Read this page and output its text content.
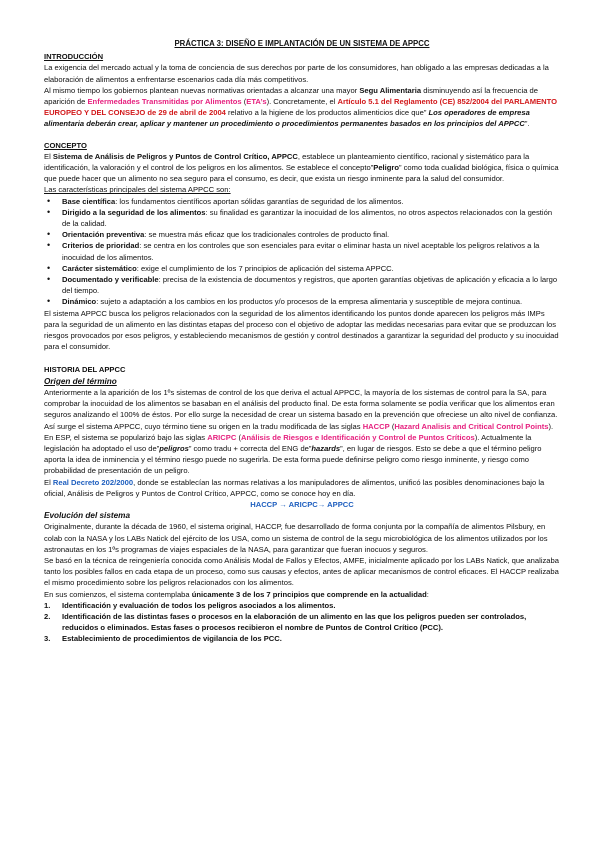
PRÁCTICA 3: DISEÑO E IMPLANTACIÓN DE UN SISTEMA DE APPCC
INTRODUCCIÓN

La exigencia del mercado actual y la toma de conciencia de sus derechos por parte de los consumidores, han obligado a las empresas dedicadas a la elaboración de alimentos a enfrentarse escenarios cada día más competitivos.

Al mismo tiempo los gobiernos plantean nuevas normativas orientadas a alcanzar una mayor Segu Alimentaria disminuyendo así la frecuencia de aparición de Enfermedades Transmitidas por Alimentos (ETA’s). Concretamente, el Artículo 5.1 del Reglamento (CE) 852/2004 del PARLAMENTO EUROPEO Y DEL CONSEJO de 29 de abril de 2004 relativo a la higiene de los productos alimenticios dice que” Los operadores de empresa alimentaria deberán crear, aplicar y mantener un procedimiento o procedimientos permanentes basados en los principios del APPCC”.

CONCEPTO

El Sistema de Análisis de Peligros y Puntos de Control Crítico, APPCC, establece un planteamiento científico, racional y sistemático para la identificación, la valoración y el control de los peligros en los alimentos. Se establece el concepto”Peligro” como toda cualidad biológica, física o química que puede hacer que un alimento no sea seguro para el consumo, es decir, que exista un riesgo inminente para la salud del consumidor.

Las características principales del sistema APPCC son:

• Base científica: los fundamentos científicos aportan sólidas garantías de seguridad de los alimentos.
• Dirigido a la seguridad de los alimentos: su finalidad es garantizar la inocuidad de los alimentos, no otros aspectos relacionados con la gestión de la calidad.
• Orientación preventiva: se muestra más eficaz que los tradicionales controles de producto final.
• Criterios de prioridad: se centra en los controles que son esenciales para evitar o eliminar hasta un nivel aceptable los peligros relativos a la inocuidad de los alimentos.
• Carácter sistemático: exige el cumplimiento de los 7 principios de aplicación del sistema APPCC.
• Documentado y verificable: precisa de la existencia de documentos y registros, que aporten garantías objetivas de aplicación y eficacia a lo largo del tiempo.
• Dinámico: sujeto a adaptación a los cambios en los productos y/o procesos de la empresa alimentaria y susceptible de mejora continua.

El sistema APPCC busca los peligros relacionados con la seguridad de los alimentos identificando los puntos donde aparecen los peligros más IMPs para la seguridad de un alimento en las distintas etapas del proceso con el objetivo de adoptar las medidas necesarias para evitar que se produzcan los riesgos provocados por esos peligros, y estableciendo mecanismos de gestión y control destinados a garantizar la seguridad del producto y su inocuidad para el consumidor.

HISTORIA DEL APPCC
Origen del término

Anteriormente a la aparición de los 1ºs sistemas de control de los que deriva el actual APPCC, la mayoría de los sistemas de control para la SA, para comprobar la inocuidad de los alimentos se basaban en el análisis del producto final. De esta forma solamente se podía verificar que los alimentos eran seguros analizando el 100% de éstos. Por ello surge la necesidad de crear un sistema basado en la prevención que ofreciese un alto nivel de confianza.

Así surge el sistema APPCC, cuyo término tiene su origen en la tradu modificada de las siglas HACCP (Hazard Analisis and Critical Control Points). En ESP, el sistema se popularizó bajo las siglas ARICPC (Análisis de Riesgos e Identificación y Control de Puntos Críticos). Actualmente la legislación ha adoptado el uso de”peligros” como tradu + correcta del ENG de”hazards”, en lugar de riesgos. Esto se debe a que el término peligro aporta la idea de inminencia y el término riesgo puede no sugerirla. De esta forma puede definirse peligro como riesgo inminente, y riesgo como probabilidad de presentación de un peligro.

El Real Decreto 202/2000, donde se establecían las normas relativas a los manipuladores de alimentos, unificó las posibles denominaciones bajo la oficial, Análisis de Peligros y Puntos de Control Crítico, APPCC, como se conoce hoy en día.

HACCP → ARICPC→ APPCC

Evolución del sistema

Originalmente, durante la década de 1960, el sistema original, HACCP, fue desarrollado de forma conjunta por la compañía de alimentos Pilsbury, en colab con la NASA y los LABs Natick del ejército de los USA, como un sistema de control de la segu microbiológica de los alimentos utilizados por los astronautas en los 1ºs programas de viajes espaciales de la NASA, para garantizar que fueran inocuos y seguros.

Se basó en la técnica de reingeniería conocida como Análisis Modal de Fallos y Efectos, AMFE, inicialmente aplicado por los LABs Natick, que analizaba tanto los posibles fallos en cada etapa de un proceso, como sus causas y efectos, antes de aplicar mecanismos de control eficaces. El HACCP realizaba el mismo procedimiento sobre los peligros relacionados con los alimentos.

En sus comienzos, el sistema contemplaba únicamente 3 de los 7 principios que comprende en la actualidad:

1. Identificación y evaluación de todos los peligros asociados a los alimentos.
2. Identificación de las distintas fases o procesos en la elaboración de un alimento en las que los peligros pueden ser controlados, reducidos o eliminados. Estas fases o procesos recibieron el nombre de Puntos de Control Crítico (PCC).
3. Establecimiento de procedimientos de vigilancia de los PCC.
